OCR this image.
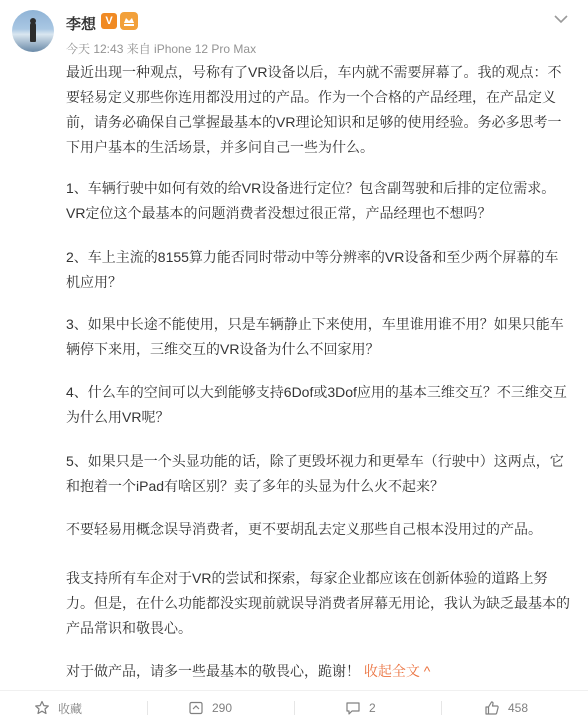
李想 V
今天 12:43 来自 iPhone 12 Pro Max

最近出现一种观点，号称有了VR设备以后，车内就不需要屏幕了。我的观点：不要轻易定义那些你连用都没用过的产品。作为一个合格的产品经理，在产品定义前，请务必确保自己掌握最基本的VR理论知识和足够的使用经验。务必多思考一下用户基本的生活场景，并多问自己一些为什么。

1、车辆行驶中如何有效的给VR设备进行定位？包含副驾驶和后排的定位需求。VR定位这个最基本的问题消费者没想过很正常，产品经理也不想吗？

2、车上主流的8155算力能否同时带动中等分辨率的VR设备和至少两个屏幕的车机应用？

3、如果中长途不能使用，只是车辆静止下来使用，车里谁用谁不用？如果只能车辆停下来用，三维交互的VR设备为什么不回家用？

4、什么车的空间可以大到能够支持6Dof或3Dof应用的基本三维交互？不三维交互为什么用VR呢？

5、如果只是一个头显功能的话，除了更毁坏视力和更晕车（行驶中）这两点，它和抱着一个iPad有啥区别？卖了多年的头显为什么火不起来？

不要轻易用概念误导消费者，更不要胡乱去定义那些自己根本没用过的产品。

我支持所有车企对于VR的尝试和探索，每家企业都应该在创新体验的道路上努力。但是，在什么功能都没实现前就误导消费者屏幕无用论，我认为缺乏最基本的产品常识和敬畏心。

对于做产品，请多一些最基本的敬畏心，跪谢！ 收起全文 ^

收藏	290	2	458
